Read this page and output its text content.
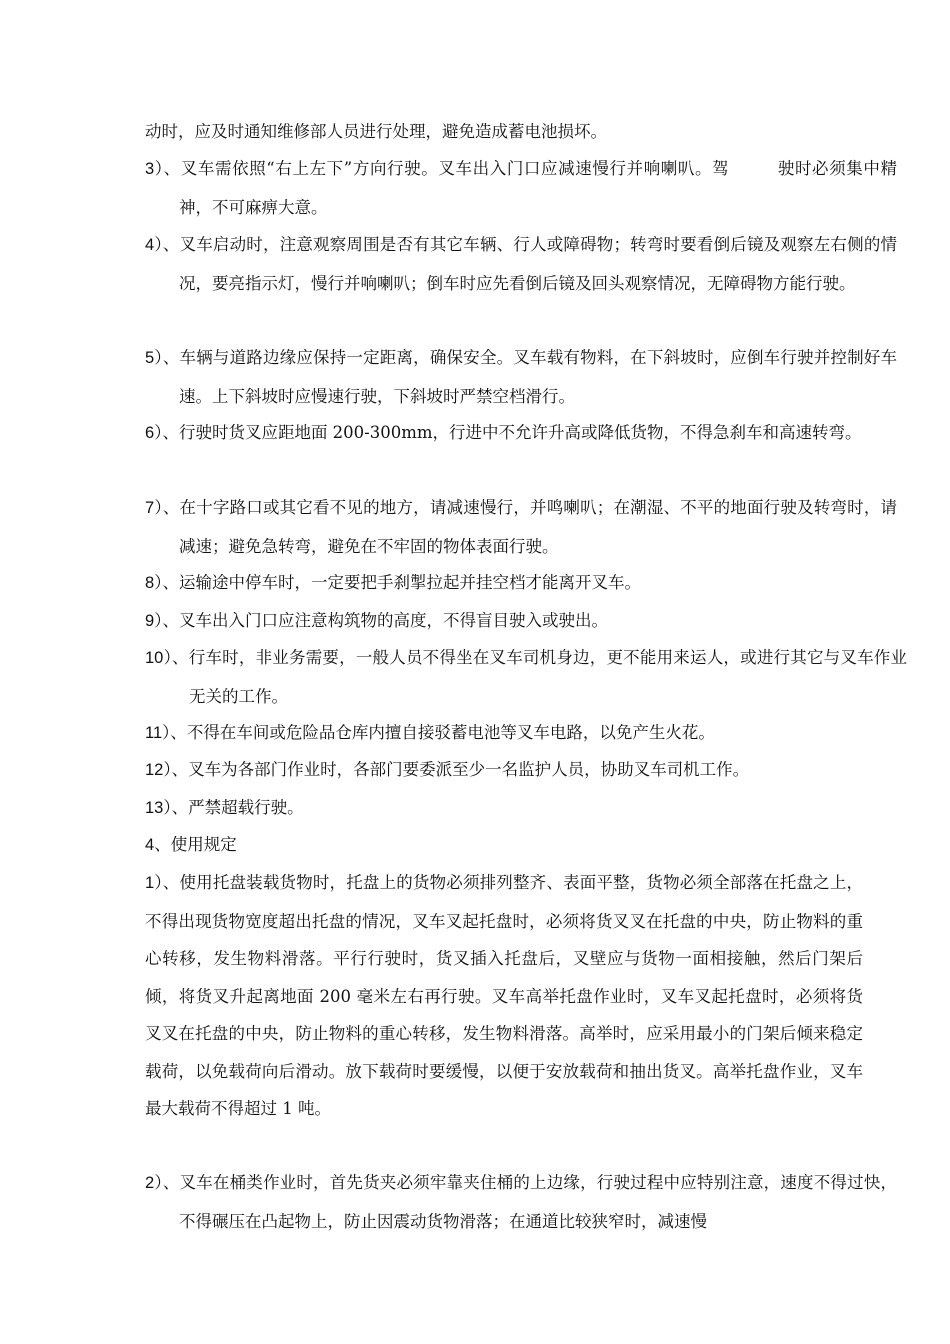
动时，应及时通知维修部人员进行处理，避免造成蓄电池损坏。

3）、叉车需依照“右上左下”方向行驶。叉车出入门口应减速慢行并响喇叭。驾	驶时必须集中精神，不可麻痹大意。

4）、叉车启动时，注意观察周围是否有其它车辆、行人或障碍物；转弯时要看倒后镜及观察左右侧的情况，要亮指示灯，慢行并响喇叭；倒车时应先看倒后镜及回头观察情况，无障碍物方能行驶。

5）、车辆与道路边缘应保持一定距离，确保安全。叉车载有物料，在下斜坡时，应倒车行驶并控制好车速。上下斜坡时应慢速行驶，下斜坡时严禁空档滑行。

6）、行驶时货叉应距地面 200-300mm，行进中不允许升高或降低货物，不得急刹车和高速转弯。

7）、在十字路口或其它看不见的地方，请减速慢行，并鸣喇叭；在潮湿、不平的地面行驶及转弯时，请减速；避免急转弯，避免在不牢固的物体表面行驶。

8）、运输途中停车时，一定要把手刹掣拉起并挂空档才能离开叉车。

9）、叉车出入门口应注意构筑物的高度，不得盲目驶入或驶出。

10）、行车时，非业务需要，一般人员不得坐在叉车司机身边，更不能用来运人，或进行其它与叉车作业无关的工作。

11）、不得在车间或危险品仓库内擅自接驳蓄电池等叉车电路，以免产生火花。

12）、叉车为各部门作业时，各部门要委派至少一名监护人员，协助叉车司机工作。

13）、严禁超载行驶。

4、使用规定

1）、使用托盘装载货物时，托盘上的货物必须排列整齐、表面平整，货物必须全部落在托盘之上，不得出现货物宽度超出托盘的情况，叉车叉起托盘时，必须将货叉叉在托盘的中央，防止物料的重心转移，发生物料滑落。平行行驶时，货叉插入托盘后，叉壁应与货物一面相接触，然后门架后倾，将货叉升起离地面 200 毫米左右再行驶。叉车高举托盘作业时，叉车叉起托盘时，必须将货叉叉在托盘的中央，防止物料的重心转移，发生物料滑落。高举时，应采用最小的门架后倾来稳定载荷，以免载荷向后滑动。放下载荷时要缓慢，以便于安放载荷和抽出货叉。高举托盘作业，叉车最大载荷不得超过 1 吨。

2）、叉车在桶类作业时，首先货夹必须牢靠夹住桶的上边缘，行驶过程中应特别注意，速度不得过快，不得碾压在凸起物上，防止因震动货物滑落；在通道比较狭窄时，减速慢
